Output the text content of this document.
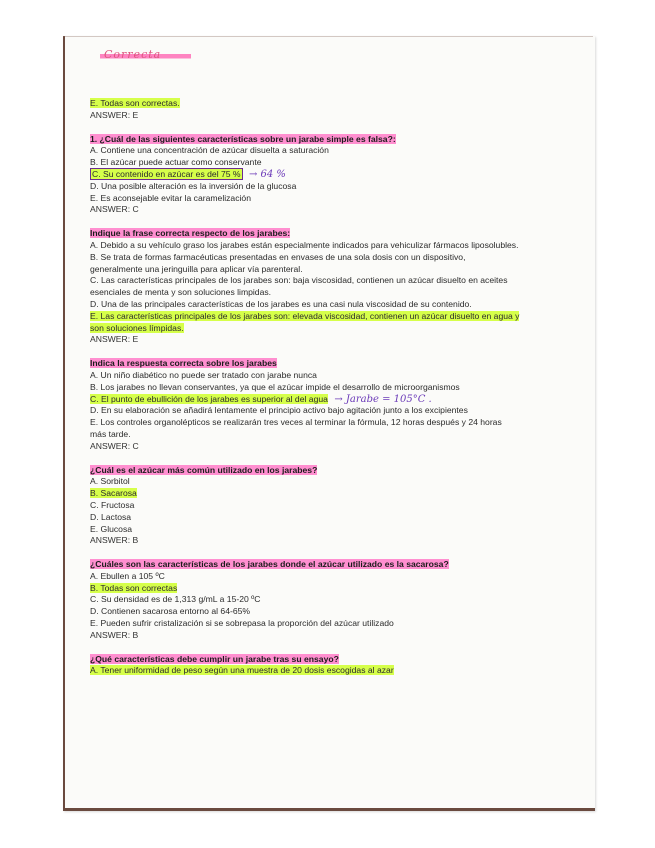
Correcta
E. Todas son correctas.
ANSWER: E
1. ¿Cuál de las siguientes características sobre un jarabe simple es falsa?:
A. Contiene una concentración de azúcar disuelta a saturación
B. El azúcar puede actuar como conservante
C. Su contenido en azúcar es del 75 % → 64 %
D. Una posible alteración es la inversión de la glucosa
E. Es aconsejable evitar la caramelización
ANSWER: C
Indique la frase correcta respecto de los jarabes:
A. Debido a su vehículo graso los jarabes están especialmente indicados para vehiculizar fármacos liposolubles.
B. Se trata de formas farmacéuticas presentadas en envases de una sola dosis con un dispositivo, generalmente una jeringuilla para aplicar vía parenteral.
C. Las características principales de los jarabes son: baja viscosidad, contienen un azúcar disuelto en aceites esenciales de menta y son soluciones limpidas.
D. Una de las principales características de los jarabes es una casi nula viscosidad de su contenido.
E. Las características principales de los jarabes son: elevada viscosidad, contienen un azúcar disuelto en agua y son soluciones límpidas.
ANSWER: E
Indica la respuesta correcta sobre los jarabes
A. Un niño diabético no puede ser tratado con jarabe nunca
B. Los jarabes no llevan conservantes, ya que el azúcar impide el desarrollo de microorganismos
C. El punto de ebullición de los jarabes es superior al del agua → Jarabe = 105°C .
D. En su elaboración se añadirá lentamente el principio activo bajo agitación junto a los excipientes
E. Los controles organolépticos se realizarán tres veces al terminar la fórmula, 12 horas después y 24 horas más tarde.
ANSWER: C
¿Cuál es el azúcar más común utilizado en los jarabes?
A. Sorbitol
B. Sacarosa
C. Fructosa
D. Lactosa
E. Glucosa
ANSWER: B
¿Cuáles son las características de los jarabes donde el azúcar utilizado es la sacarosa?
A. Ebullen a 105 ºC
B. Todas son correctas
C. Su densidad es de 1,313 g/mL a 15-20 ºC
D. Contienen sacarosa entorno al 64-65%
E. Pueden sufrir cristalización si se sobrepasa la proporción del azúcar utilizado
ANSWER: B
¿Qué características debe cumplir un jarabe tras su ensayo?
A. Tener uniformidad de peso según una muestra de 20 dosis escogidas al azar
